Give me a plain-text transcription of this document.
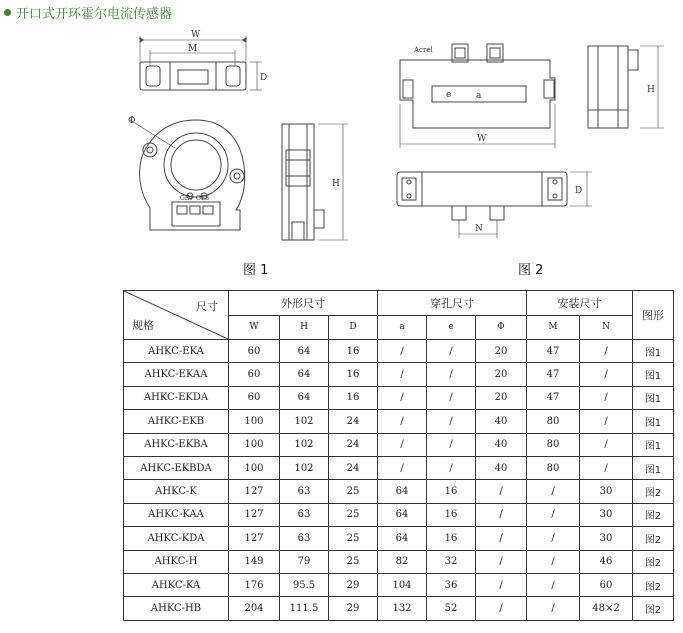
开口式开环霍尔电流传感器
W
M
D
Φ
GIN OFS
H
Acrel
a
e
W
H
N
D
图 1	图 2
尺寸
规格	外形尺寸			穿孔尺寸			安装尺寸		图形
	W	H	D	a	e	Φ	M	N	
AHKC-EKA	60	64	16	/	/	20	47	/	图1
AHKC-EKAA	60	64	16	/	/	20	47	/	图1
AHKC-EKDA	60	64	16	/	/	20	47	/	图1
AHKC-EKB	100	102	24	/	/	40	80	/	图1
AHKC-EKBA	100	102	24	/	/	40	80	/	图1
AHKC-EKBDA	100	102	24	/	/	40	80	/	图1
AHKC-K	127	63	25	64	16	/	/	30	图2
AHKC-KAA	127	63	25	64	16	/	/	30	图2
AHKC-KDA	127	63	25	64	16	/	/	30	图2
AHKC-H	149	79	25	82	32	/	/	46	图2
AHKC-KA	176	95.5	29	104	36	/	/	60	图2
AHKC-HB	204	111.5	29	132	52	/	/	48×2	图2
